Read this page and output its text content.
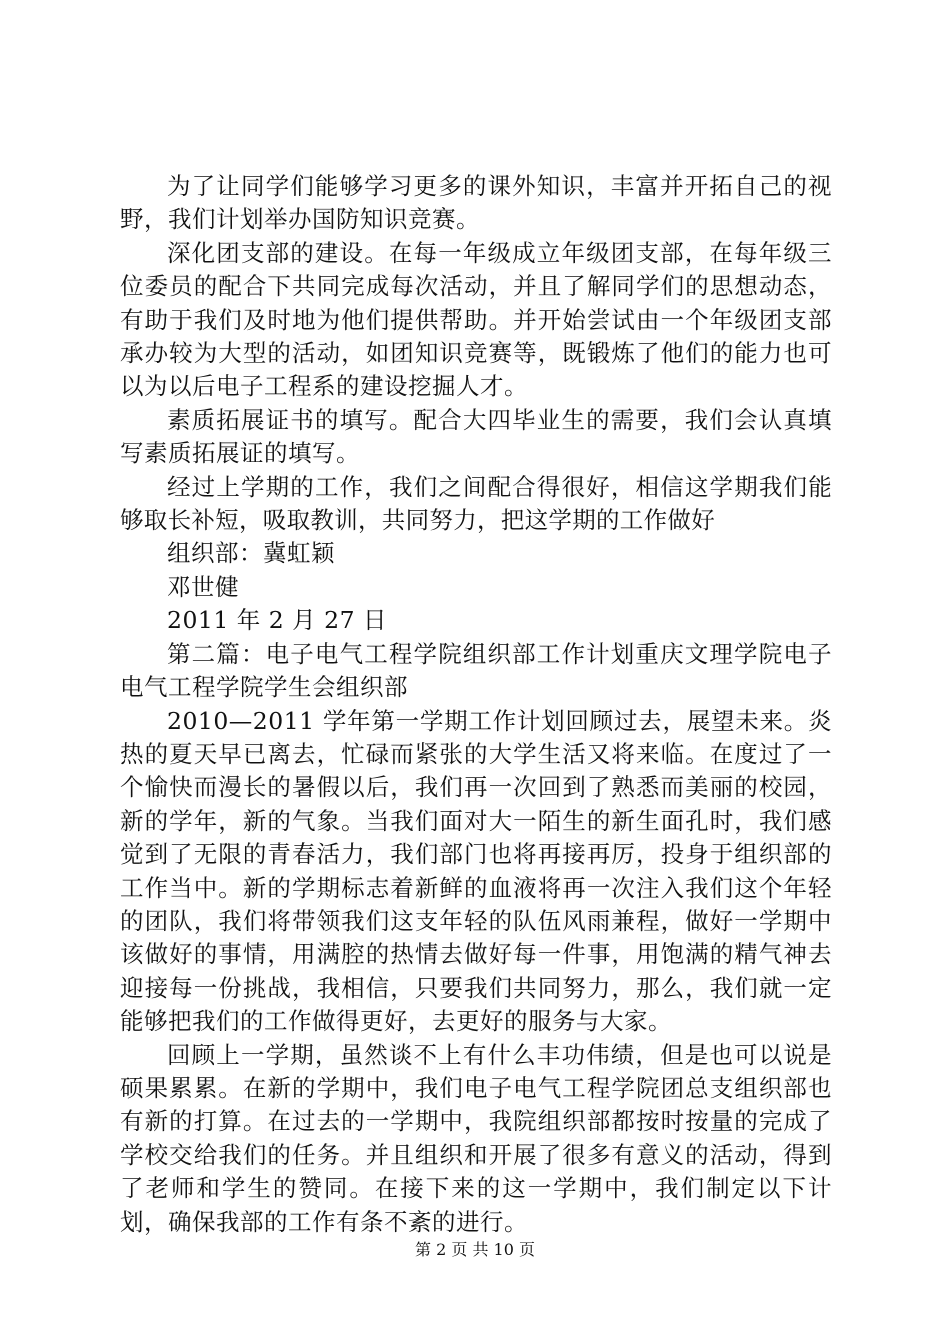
为了让同学们能够学习更多的课外知识，丰富并开拓自己的视野，我们计划举办国防知识竞赛。

深化团支部的建设。在每一年级成立年级团支部，在每年级三位委员的配合下共同完成每次活动，并且了解同学们的思想动态，有助于我们及时地为他们提供帮助。并开始尝试由一个年级团支部承办较为大型的活动，如团知识竞赛等，既锻炼了他们的能力也可以为以后电子工程系的建设挖掘人才。

素质拓展证书的填写。配合大四毕业生的需要，我们会认真填写素质拓展证的填写。

经过上学期的工作，我们之间配合得很好，相信这学期我们能够取长补短，吸取教训，共同努力，把这学期的工作做好

组织部：冀虹颖

邓世健

2011 年 2 月 27 日

第二篇：电子电气工程学院组织部工作计划重庆文理学院电子电气工程学院学生会组织部

2010—2011 学年第一学期工作计划回顾过去，展望未来。炎热的夏天早已离去，忙碌而紧张的大学生活又将来临。在度过了一个愉快而漫长的暑假以后，我们再一次回到了熟悉而美丽的校园，新的学年，新的气象。当我们面对大一陌生的新生面孔时，我们感觉到了无限的青春活力，我们部门也将再接再厉，投身于组织部的工作当中。新的学期标志着新鲜的血液将再一次注入我们这个年轻的团队，我们将带领我们这支年轻的队伍风雨兼程，做好一学期中该做好的事情，用满腔的热情去做好每一件事，用饱满的精气神去迎接每一份挑战，我相信，只要我们共同努力，那么，我们就一定能够把我们的工作做得更好，去更好的服务与大家。

回顾上一学期，虽然谈不上有什么丰功伟绩，但是也可以说是硕果累累。在新的学期中，我们电子电气工程学院团总支组织部也有新的打算。在过去的一学期中，我院组织部都按时按量的完成了学校交给我们的任务。并且组织和开展了很多有意义的活动，得到了老师和学生的赞同。在接下来的这一学期中，我们制定以下计划，确保我部的工作有条不紊的进行。

第 2 页 共 10 页
